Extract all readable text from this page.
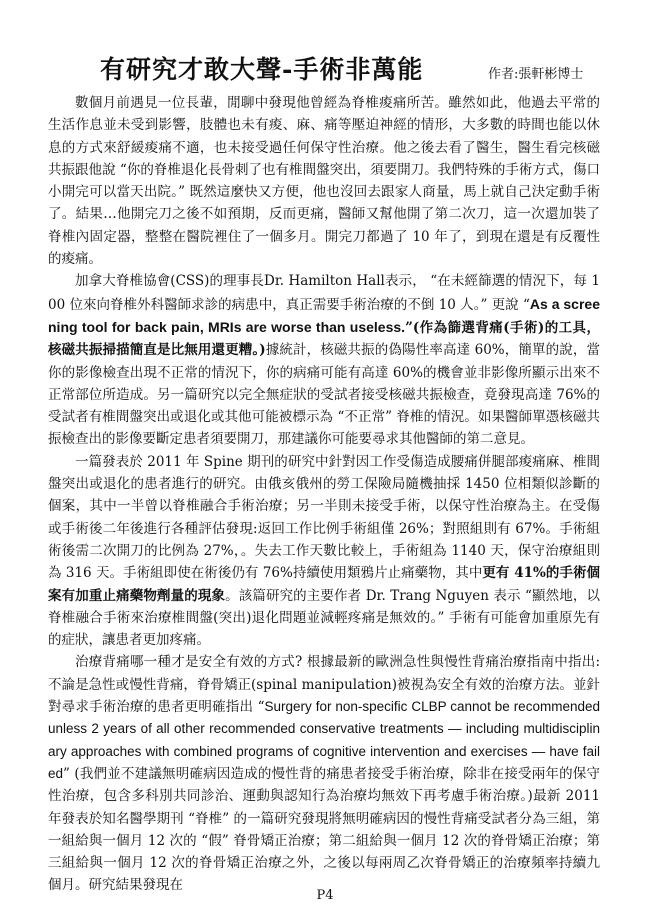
有研究才敢大聲-手術非萬能	作者:張軒彬博士

數個月前遇見一位長輩，閒聊中發現他曾經為脊椎痠痛所苦。雖然如此，他過去平常的生活作息並未受到影響，肢體也未有痠、麻、痛等壓迫神經的情形，大多數的時間也能以休息的方式來舒緩痠痛不適，也未接受過任何保守性治療。他之後去看了醫生，醫生看完核磁共振跟他說 “你的脊椎退化長骨刺了也有椎間盤突出，須要開刀。我們特殊的手術方式，傷口小開完可以當天出院。” 既然這麼快又方便，他也沒回去跟家人商量，馬上就自己決定動手術了。結果…他開完刀之後不如預期，反而更痛，醫師又幫他開了第二次刀，這一次還加裝了脊椎內固定器，整整在醫院裡住了一個多月。開完刀都過了 10 年了，到現在還是有反覆性的痠痛。

加拿大脊椎協會(CSS)的理事長Dr. Hamilton Hall表示， “在未經篩選的情況下，每 100 位來向脊椎外科醫師求診的病患中，真正需要手術治療的不倒 10 人。” 更說 “As a screening tool for back pain, MRIs are worse than useless.”(作為篩選背痛(手術)的工具，核磁共振掃描簡直是比無用還更糟。)據統計，核磁共振的偽陽性率高達 60%，簡單的說，當你的影像檢查出現不正常的情況下，你的病痛可能有高達 60%的機會並非影像所顯示出來不正常部位所造成。另一篇研究以完全無症狀的受試者接受核磁共振檢查，竟發現高達 76%的受試者有椎間盤突出或退化或其他可能被標示為 “不正常” 脊椎的情況。如果醫師單憑核磁共振檢查出的影像要斷定患者須要開刀，那建議你可能要尋求其他醫師的第二意見。

一篇發表於 2011 年 Spine 期刊的研究中針對因工作受傷造成腰痛併腿部痠痛麻、椎間盤突出或退化的患者進行的研究。由俄亥俄州的勞工保險局隨機抽採 1450 位相類似診斷的個案，其中一半曾以脊椎融合手術治療；另一半則未接受手術，以保守性治療為主。在受傷或手術後二年後進行各種評估發現:返回工作比例手術組僅 26%；對照組則有 67%。手術組術後需二次開刀的比例為 27%，。失去工作天數比較上，手術組為 1140 天，保守治療組則為 316 天。手術組即使在術後仍有 76%持續使用類鴉片止痛藥物，其中更有 41%的手術個案有加重止痛藥物劑量的現象。該篇研究的主要作者 Dr. Trang Nguyen 表示 “顯然地，以脊椎融合手術來治療椎間盤(突出)退化問題並減輕疼痛是無效的。” 手術有可能會加重原先有的症狀，讓患者更加疼痛。

治療背痛哪一種才是安全有效的方式? 根據最新的歐洲急性與慢性背痛治療指南中指出:不論是急性或慢性背痛，脊骨矯正(spinal manipulation)被視為安全有效的治療方法。並針對尋求手術治療的患者更明確指出 “Surgery for non-specific CLBP cannot be recommended unless 2 years of all other recommended conservative treatments — including multidisciplinary approaches with combined programs of cognitive intervention and exercises — have failed” (我們並不建議無明確病因造成的慢性背的痛患者接受手術治療，除非在接受兩年的保守性治療，包含多科別共同診治、運動與認知行為治療均無效下再考慮手術治療。)最新 2011 年發表於知名醫學期刊 “脊椎” 的一篇研究發現將無明確病因的慢性背痛受試者分為三組，第一組給與一個月 12 次的 “假” 脊骨矯正治療；第二組給與一個月 12 次的脊骨矯正治療；第三組給與一個月 12 次的脊骨矯正治療之外，之後以每兩周乙次脊骨矯正的治療頻率持續九個月。研究結果發現在

P4
